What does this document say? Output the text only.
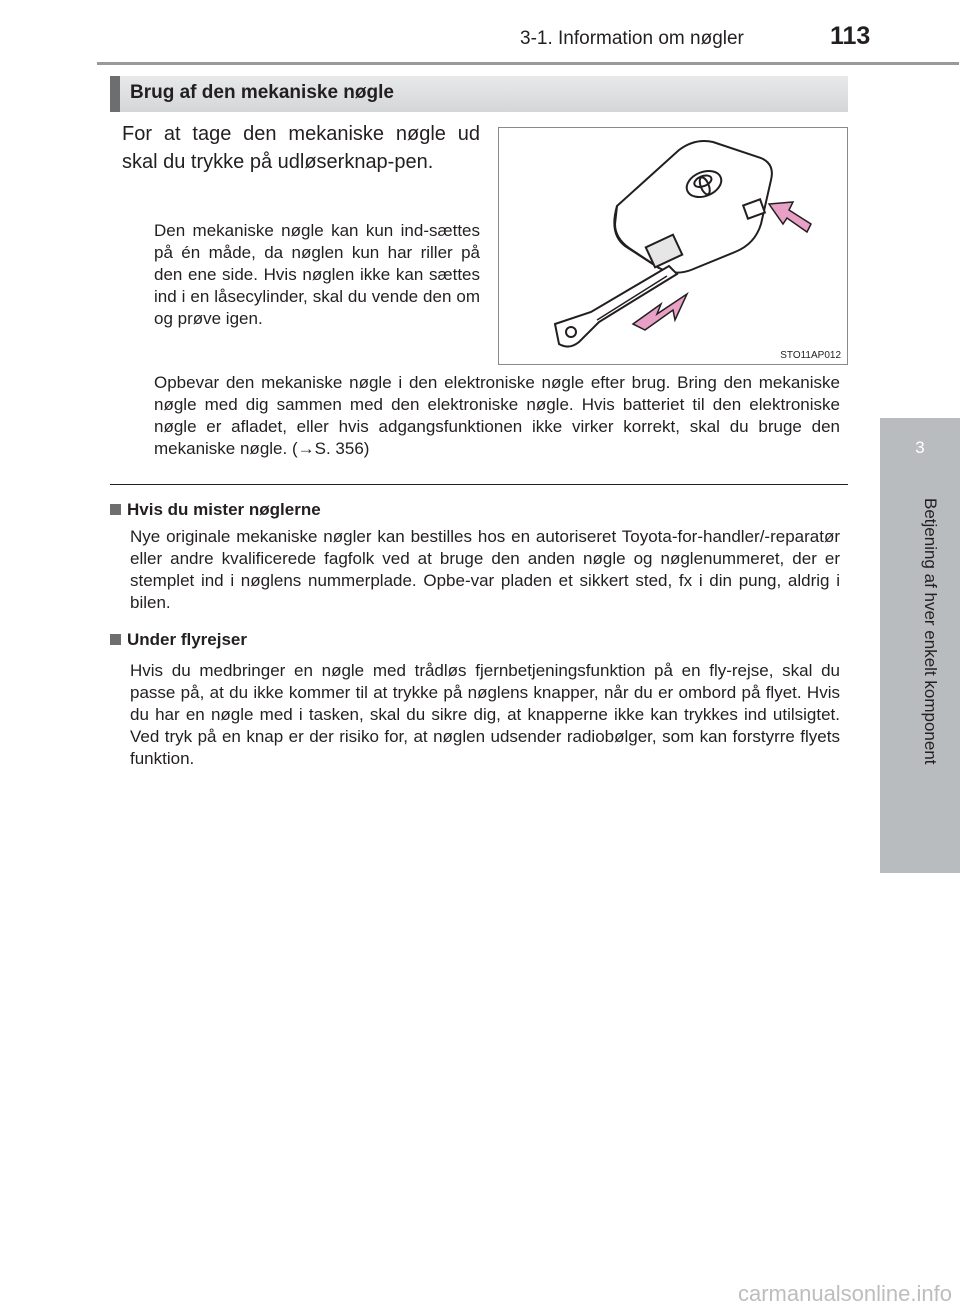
3-1. Information om nøgler	113
3
Betjening af hver enkelt komponent
Brug af den mekaniske nøgle
For at tage den mekaniske nøgle ud skal du trykke på udløserknap-pen.
Den mekaniske nøgle kan kun ind-sættes på én måde, da nøglen kun har riller på den ene side. Hvis nøglen ikke kan sættes ind i en låsecylinder, skal du vende den om og prøve igen.
STO11AP012
Opbevar den mekaniske nøgle i den elektroniske nøgle efter brug. Bring den mekaniske nøgle med dig sammen med den elektroniske nøgle. Hvis batteriet til den elektroniske nøgle er afladet, eller hvis adgangsfunktionen ikke virker korrekt, skal du bruge den mekaniske nøgle. (→S. 356)
Hvis du mister nøglerne
Nye originale mekaniske nøgler kan bestilles hos en autoriseret Toyota-for-handler/-reparatør eller andre kvalificerede fagfolk ved at bruge den anden nøgle og nøglenummeret, der er stemplet ind i nøglens nummerplade. Opbe-var pladen et sikkert sted, fx i din pung, aldrig i bilen.
Under flyrejser
Hvis du medbringer en nøgle med trådløs fjernbetjeningsfunktion på en fly-rejse, skal du passe på, at du ikke kommer til at trykke på nøglens knapper, når du er ombord på flyet. Hvis du har en nøgle med i tasken, skal du sikre dig, at knapperne ikke kan trykkes ind utilsigtet. Ved tryk på en knap er der risiko for, at nøglen udsender radiobølger, som kan forstyrre flyets funktion.
carmanualsonline.info
